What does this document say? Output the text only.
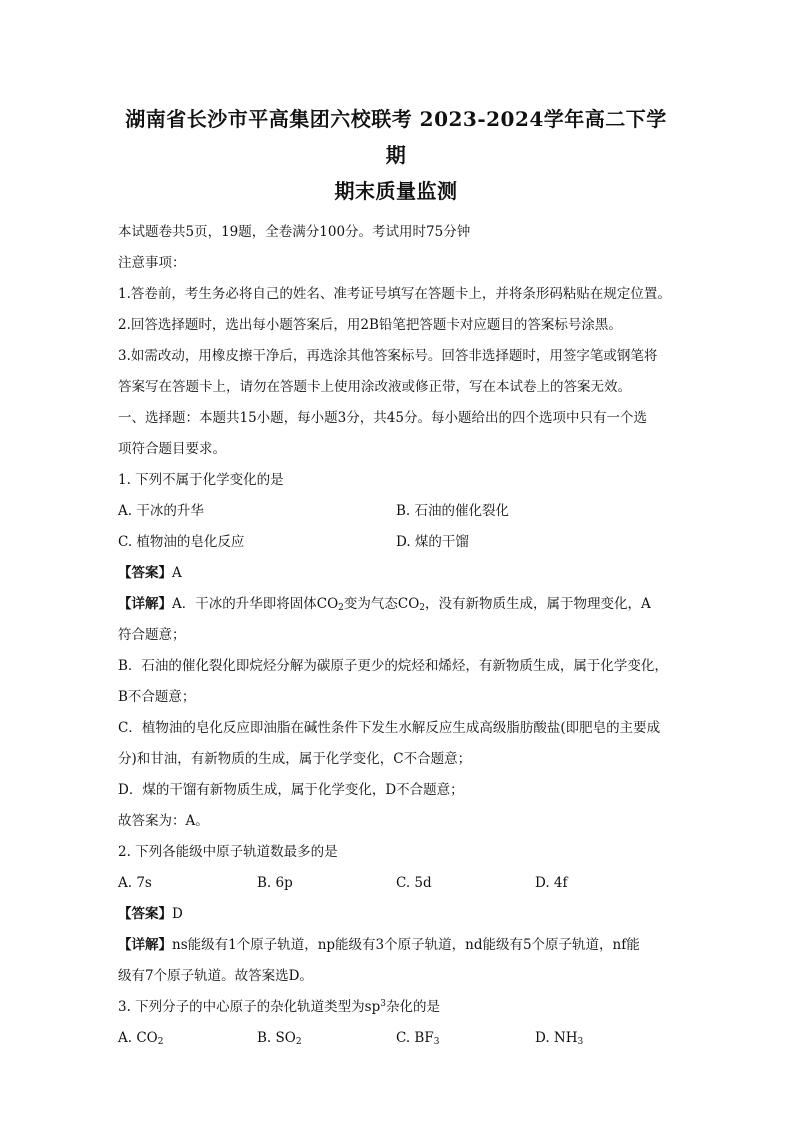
湖南省长沙市平高集团六校联考 2023-2024学年高二下学期
期末质量监测

本试题卷共5页，19题，全卷满分100分。考试用时75分钟

注意事项：

1.答卷前，考生务必将自己的姓名、准考证号填写在答题卡上，并将条形码粘贴在规定位置。

2.回答选择题时，选出每小题答案后，用2B铅笔把答题卡对应题目的答案标号涂黑。

3.如需改动，用橡皮擦干净后，再选涂其他答案标号。回答非选择题时，用签字笔或钢笔将

答案写在答题卡上，请勿在答题卡上使用涂改液或修正带，写在本试卷上的答案无效。

一、选择题：本题共15小题，每小题3分，共45分。每小题给出的四个选项中只有一个选

项符合题目要求。

1. 下列不属于化学变化的是

A. 干冰的升华	B. 石油的催化裂化
C. 植物油的皂化反应	D. 煤的干馏

【答案】A

【详解】A．干冰的升华即将固体$CO_2$变为气态$CO_2$，没有新物质生成，属于物理变化，A

符合题意；

B．石油的催化裂化即烷烃分解为碳原子更少的烷烃和烯烃，有新物质生成，属于化学变化，

B不合题意；

C．植物油的皂化反应即油脂在碱性条件下发生水解反应生成高级脂肪酸盐(即肥皂的主要成

分)和甘油，有新物质的生成，属于化学变化，C不合题意；

D．煤的干馏有新物质生成，属于化学变化，D不合题意；

故答案为：A。

2. 下列各能级中原子轨道数最多的是

A. 7s	B. 6p	C. 5d	D. 4f

【答案】D

【详解】ns能级有1个原子轨道，np能级有3个原子轨道，nd能级有5个原子轨道，nf能

级有7个原子轨道。故答案选D。

3. 下列分子的中心原子的杂化轨道类型为$sp^3$杂化的是

A. $CO_2$	B. $SO_2$	C. $BF_3$	D. $NH_3$
